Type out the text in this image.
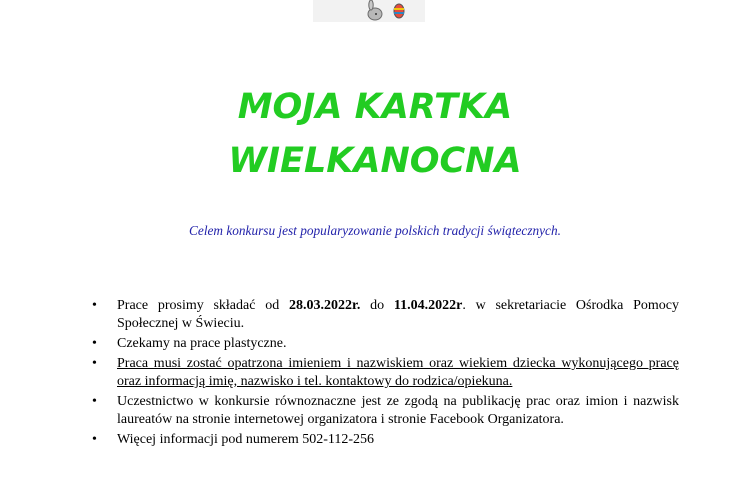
MOJA KARTKA
WIELKANOCNA

Celem konkursu jest popularyzowanie polskich tradycji świątecznych.

•	Prace prosimy składać od 28.03.2022r. do 11.04.2022r. w sekretariacie Ośrodka Pomocy Społecznej w Świeciu.
•	Czekamy na prace plastyczne.
•	Praca musi zostać opatrzona imieniem i nazwiskiem oraz wiekiem dziecka wykonującego pracę oraz informacją imię, nazwisko i tel. kontaktowy do rodzica/opiekuna.
•	Uczestnictwo w konkursie równoznaczne jest ze zgodą na publikację prac oraz imion i nazwisk laureatów na stronie internetowej organizatora i stronie Facebook Organizatora.
•	Więcej informacji pod numerem 502-112-256
